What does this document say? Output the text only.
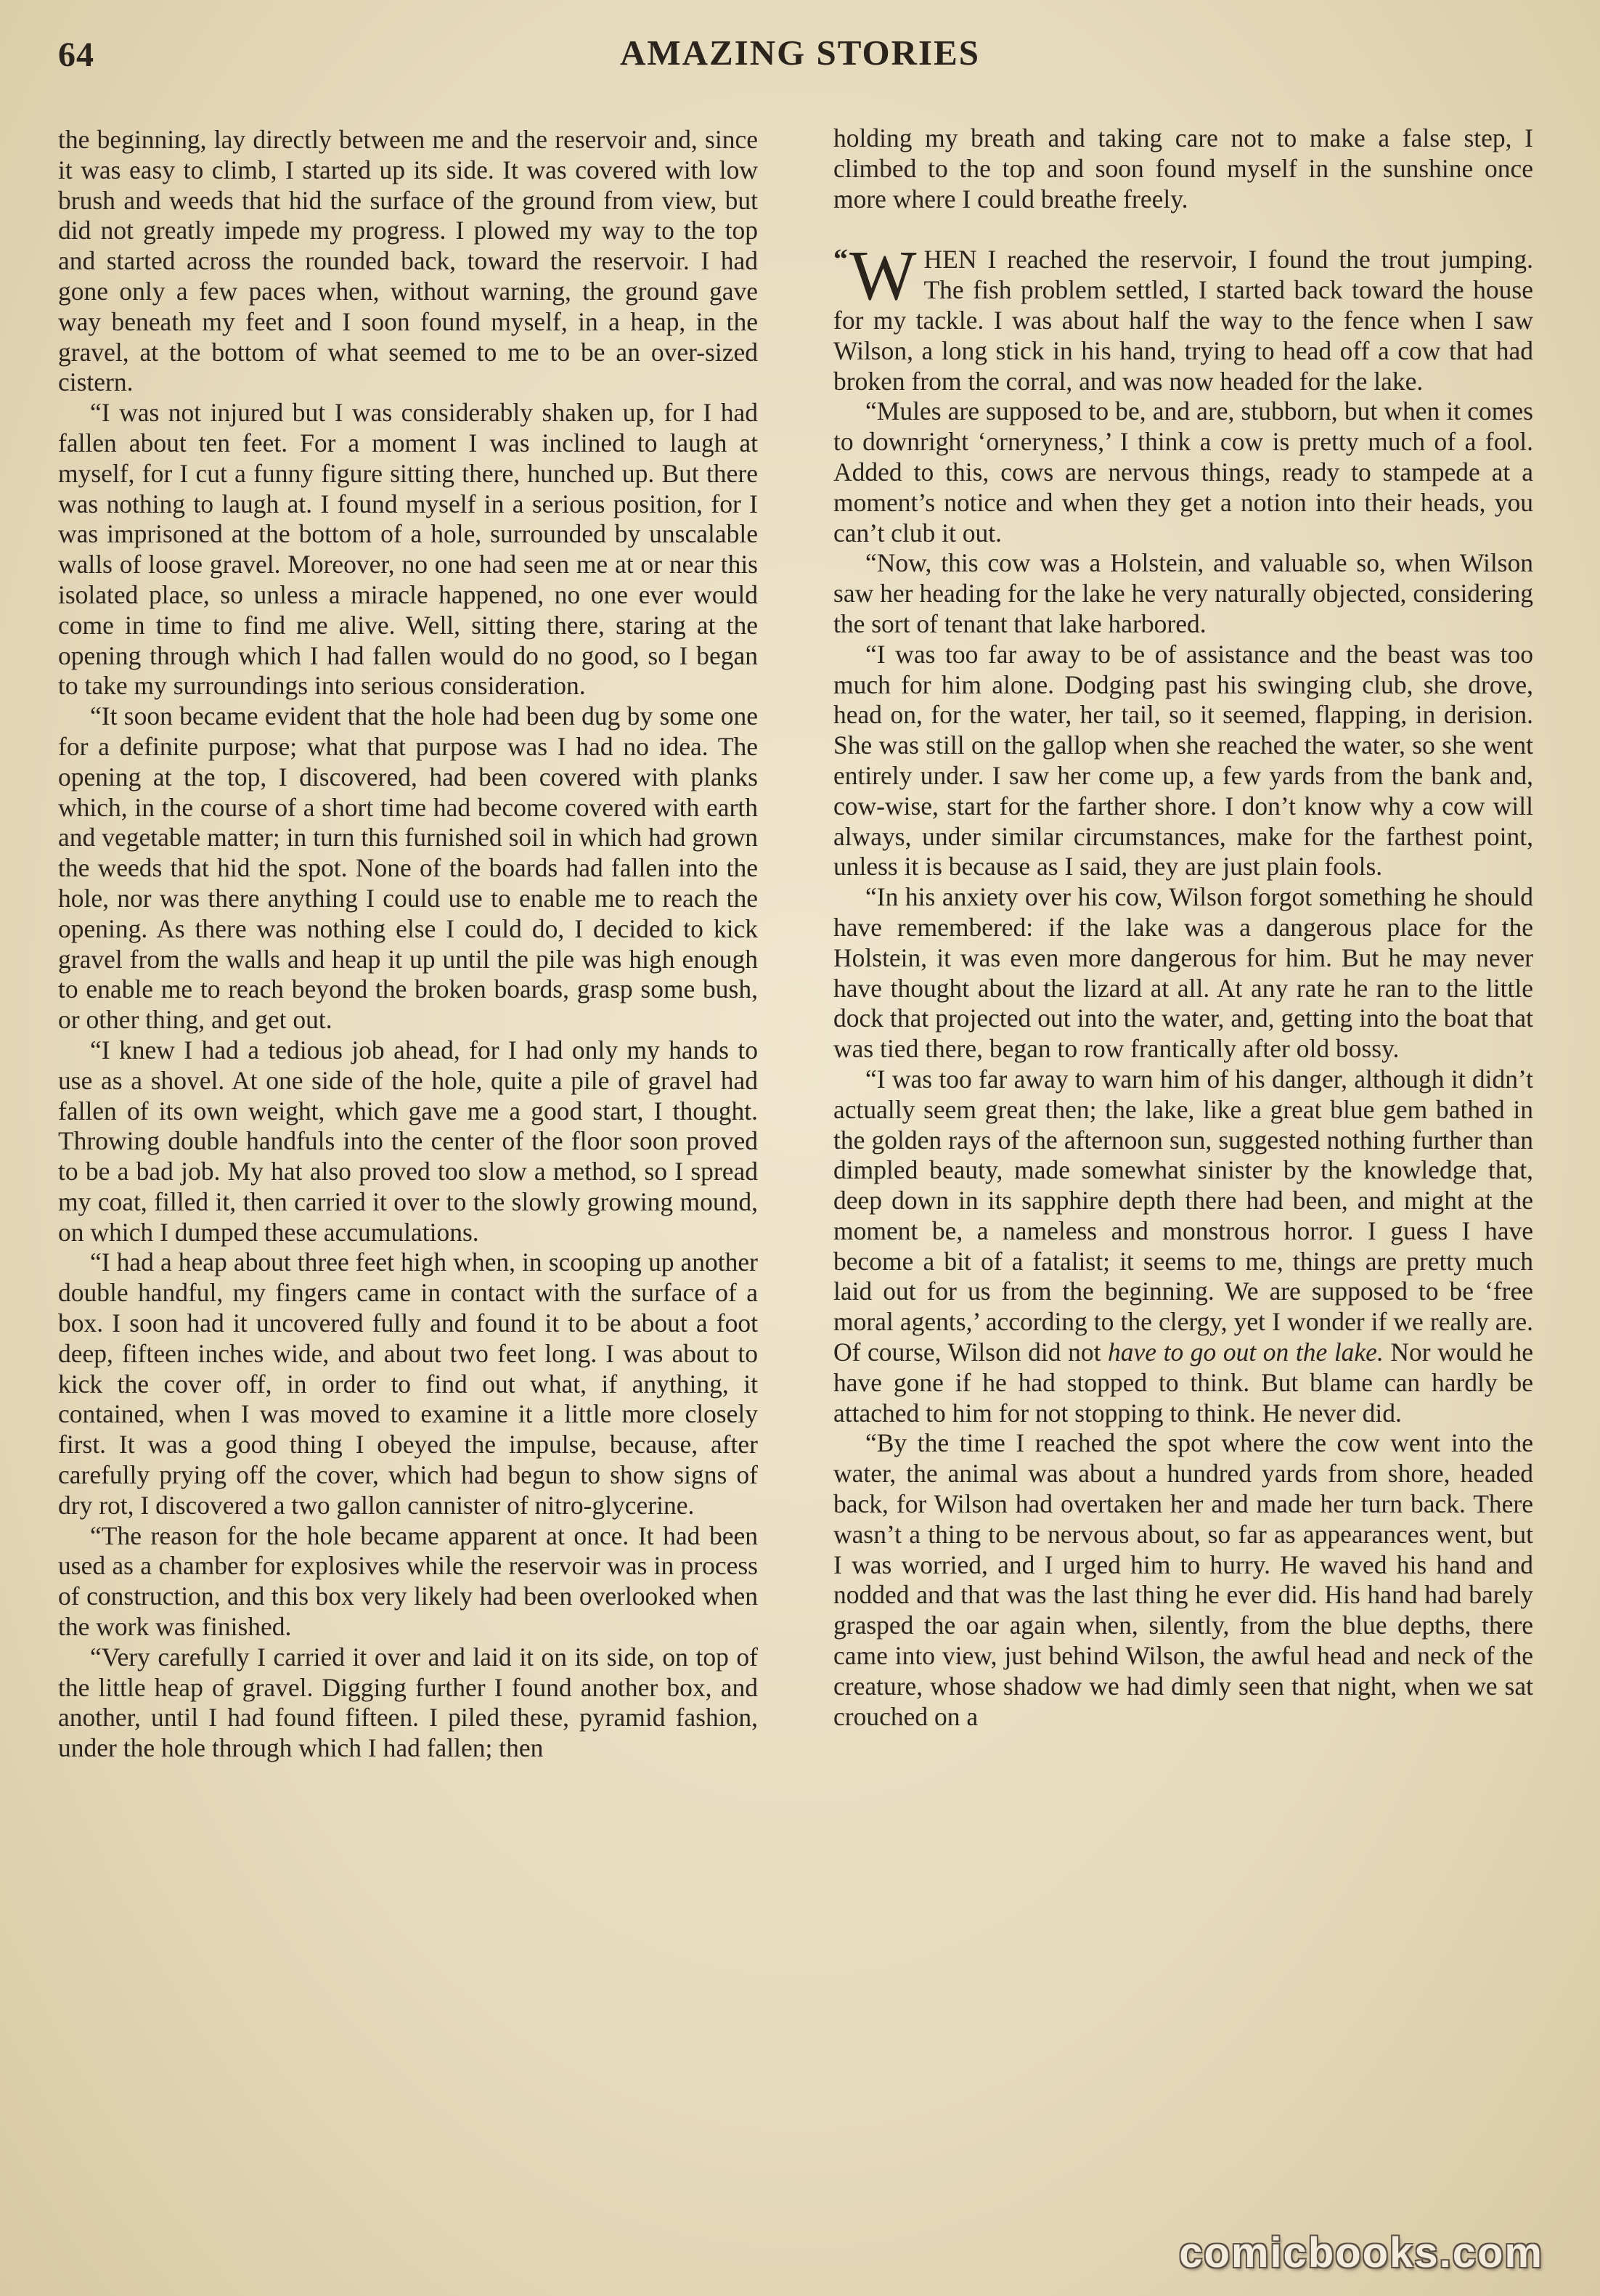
64	AMAZING STORIES

the beginning, lay directly between me and the reservoir and, since it was easy to climb, I started up its side. It was covered with low brush and weeds that hid the surface of the ground from view, but did not greatly impede my progress. I plowed my way to the top and started across the rounded back, toward the reservoir. I had gone only a few paces when, without warning, the ground gave way beneath my feet and I soon found myself, in a heap, in the gravel, at the bottom of what seemed to me to be an over-sized cistern.

“I was not injured but I was considerably shaken up, for I had fallen about ten feet. For a moment I was inclined to laugh at myself, for I cut a funny figure sitting there, hunched up. But there was nothing to laugh at. I found myself in a serious position, for I was imprisoned at the bottom of a hole, surrounded by unscalable walls of loose gravel. Moreover, no one had seen me at or near this isolated place, so unless a miracle happened, no one ever would come in time to find me alive. Well, sitting there, staring at the opening through which I had fallen would do no good, so I began to take my surroundings into serious consideration.

“It soon became evident that the hole had been dug by some one for a definite purpose; what that purpose was I had no idea. The opening at the top, I discovered, had been covered with planks which, in the course of a short time had become covered with earth and vegetable matter; in turn this furnished soil in which had grown the weeds that hid the spot. None of the boards had fallen into the hole, nor was there anything I could use to enable me to reach the opening. As there was nothing else I could do, I decided to kick gravel from the walls and heap it up until the pile was high enough to enable me to reach beyond the broken boards, grasp some bush, or other thing, and get out.

“I knew I had a tedious job ahead, for I had only my hands to use as a shovel. At one side of the hole, quite a pile of gravel had fallen of its own weight, which gave me a good start, I thought. Throwing double handfuls into the center of the floor soon proved to be a bad job. My hat also proved too slow a method, so I spread my coat, filled it, then carried it over to the slowly growing mound, on which I dumped these accumulations.

“I had a heap about three feet high when, in scooping up another double handful, my fingers came in contact with the surface of a box. I soon had it uncovered fully and found it to be about a foot deep, fifteen inches wide, and about two feet long. I was about to kick the cover off, in order to find out what, if anything, it contained, when I was moved to examine it a little more closely first. It was a good thing I obeyed the impulse, because, after carefully prying off the cover, which had begun to show signs of dry rot, I discovered a two gallon cannister of nitro-glycerine.

“The reason for the hole became apparent at once. It had been used as a chamber for explosives while the reservoir was in process of construction, and this box very likely had been overlooked when the work was finished.

“Very carefully I carried it over and laid it on its side, on top of the little heap of gravel. Digging further I found another box, and another, until I had found fifteen. I piled these, pyramid fashion, under the hole through which I had fallen; then

holding my breath and taking care not to make a false step, I climbed to the top and soon found myself in the sunshine once more where I could breathe freely.

“ W HEN I reached the reservoir, I found the trout jumping. The fish problem settled, I started back toward the house for my tackle. I was about half the way to the fence when I saw Wilson, a long stick in his hand, trying to head off a cow that had broken from the corral, and was now headed for the lake.

“Mules are supposed to be, and are, stubborn, but when it comes to downright ‘orneryness,’ I think a cow is pretty much of a fool. Added to this, cows are nervous things, ready to stampede at a moment’s notice and when they get a notion into their heads, you can’t club it out.

“Now, this cow was a Holstein, and valuable so, when Wilson saw her heading for the lake he very naturally objected, considering the sort of tenant that lake harbored.

“I was too far away to be of assistance and the beast was too much for him alone. Dodging past his swinging club, she drove, head on, for the water, her tail, so it seemed, flapping, in derision. She was still on the gallop when she reached the water, so she went entirely under. I saw her come up, a few yards from the bank and, cow-wise, start for the farther shore. I don’t know why a cow will always, under similar circumstances, make for the farthest point, unless it is because as I said, they are just plain fools.

“In his anxiety over his cow, Wilson forgot something he should have remembered: if the lake was a dangerous place for the Holstein, it was even more dangerous for him. But he may never have thought about the lizard at all. At any rate he ran to the little dock that projected out into the water, and, getting into the boat that was tied there, began to row frantically after old bossy.

“I was too far away to warn him of his danger, although it didn’t actually seem great then; the lake, like a great blue gem bathed in the golden rays of the afternoon sun, suggested nothing further than dimpled beauty, made somewhat sinister by the knowledge that, deep down in its sapphire depth there had been, and might at the moment be, a nameless and monstrous horror. I guess I have become a bit of a fatalist; it seems to me, things are pretty much laid out for us from the beginning. We are supposed to be ‘free moral agents,’ according to the clergy, yet I wonder if we really are. Of course, Wilson did not have to go out on the lake. Nor would he have gone if he had stopped to think. But blame can hardly be attached to him for not stopping to think. He never did.

“By the time I reached the spot where the cow went into the water, the animal was about a hundred yards from shore, headed back, for Wilson had overtaken her and made her turn back. There wasn’t a thing to be nervous about, so far as appearances went, but I was worried, and I urged him to hurry. He waved his hand and nodded and that was the last thing he ever did. His hand had barely grasped the oar again when, silently, from the blue depths, there came into view, just behind Wilson, the awful head and neck of the creature, whose shadow we had dimly seen that night, when we sat crouched on a

comicbooks.com
